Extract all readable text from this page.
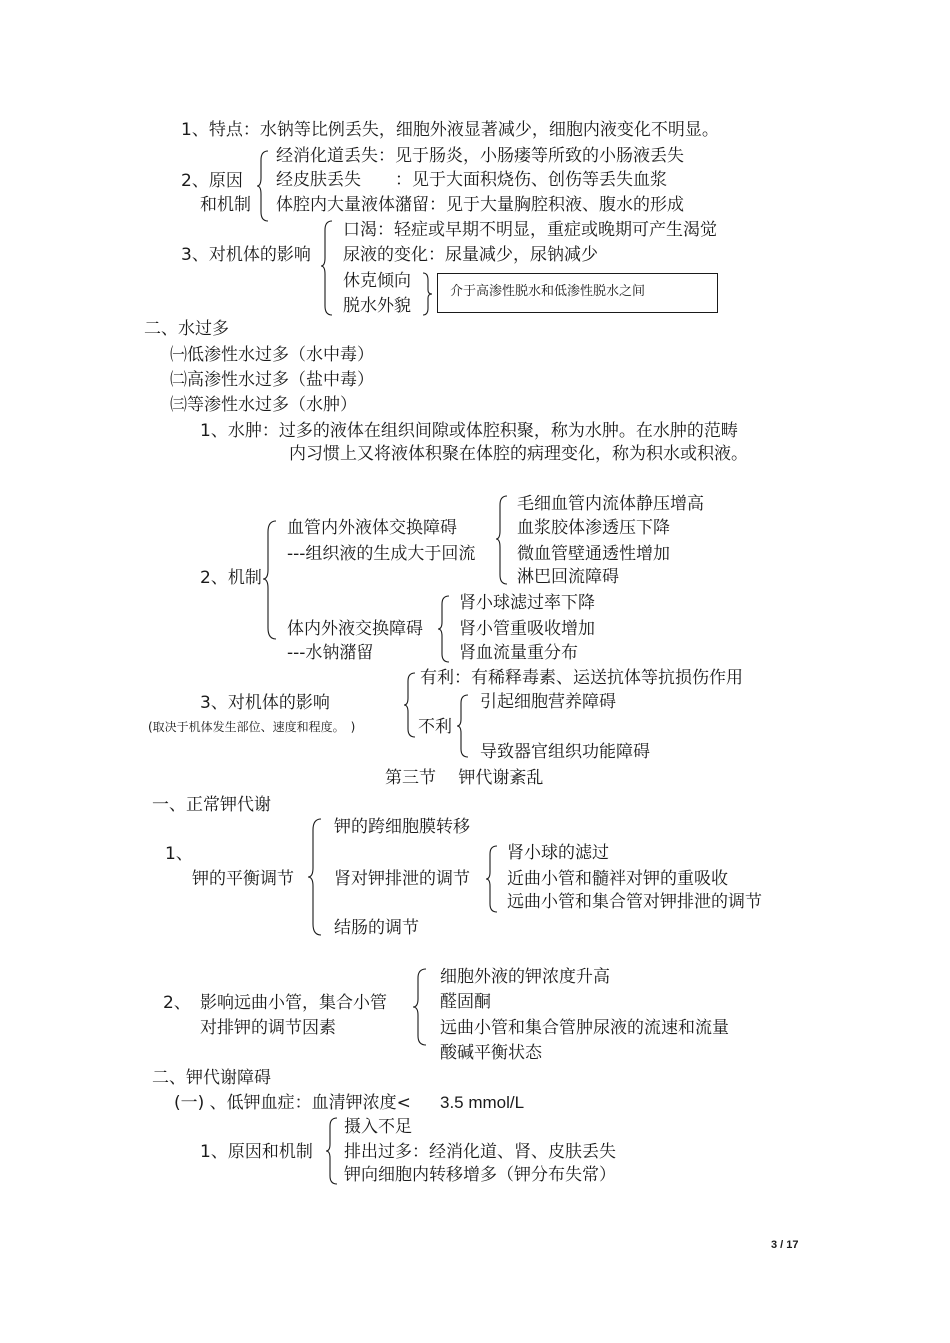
1、特点：水钠等比例丢失，细胞外液显著减少，细胞内液变化不明显。
2、原因
和机制
经消化道丢失：见于肠炎，小肠瘘等所致的小肠液丢失
经皮肤丢失　　：见于大面积烧伤、创伤等丢失血浆
体腔内大量液体潴留：见于大量胸腔积液、腹水的形成
3、对机体的影响
口渴：轻症或早期不明显，重症或晚期可产生渴觉
尿液的变化：尿量减少，尿钠减少
休克倾向
脱水外貌
介于高渗性脱水和低渗性脱水之间
二、水过多
㈠低渗性水过多（水中毒）
㈡高渗性水过多（盐中毒）
㈢等渗性水过多（水肿）
1、水肿：过多的液体在组织间隙或体腔积聚，称为水肿。在水肿的范畴
内习惯上又将液体积聚在体腔的病理变化，称为积水或积液。
2、机制
血管内外液体交换障碍
---组织液的生成大于回流
毛细血管内流体静压增高
血浆胶体渗透压下降
微血管壁通透性增加
淋巴回流障碍
体内外液交换障碍
---水钠潴留
肾小球滤过率下降
肾小管重吸收增加
肾血流量重分布
3、对机体的影响
(取决于机体发生部位、速度和程度。　)
有利：有稀释毒素、运送抗体等抗损伤作用
不利
引起细胞营养障碍
导致器官组织功能障碍
第三节　 钾代谢紊乱
一、正常钾代谢
1、
钾的平衡调节
钾的跨细胞膜转移
肾对钾排泄的调节
结肠的调节
肾小球的滤过
近曲小管和髓袢对钾的重吸收
远曲小管和集合管对钾排泄的调节
2、 影响远曲小管，集合小管
对排钾的调节因素
细胞外液的钾浓度升高
醛固酮
远曲小管和集合管肿尿液的流速和流量
酸碱平衡状态
二、钾代谢障碍
(一) 、低钾血症：血清钾浓度< 3.5 mmol/L
1、原因和机制
摄入不足
排出过多：经消化道、肾、皮肤丢失
钾向细胞内转移增多（钾分布失常）
3 / 17
